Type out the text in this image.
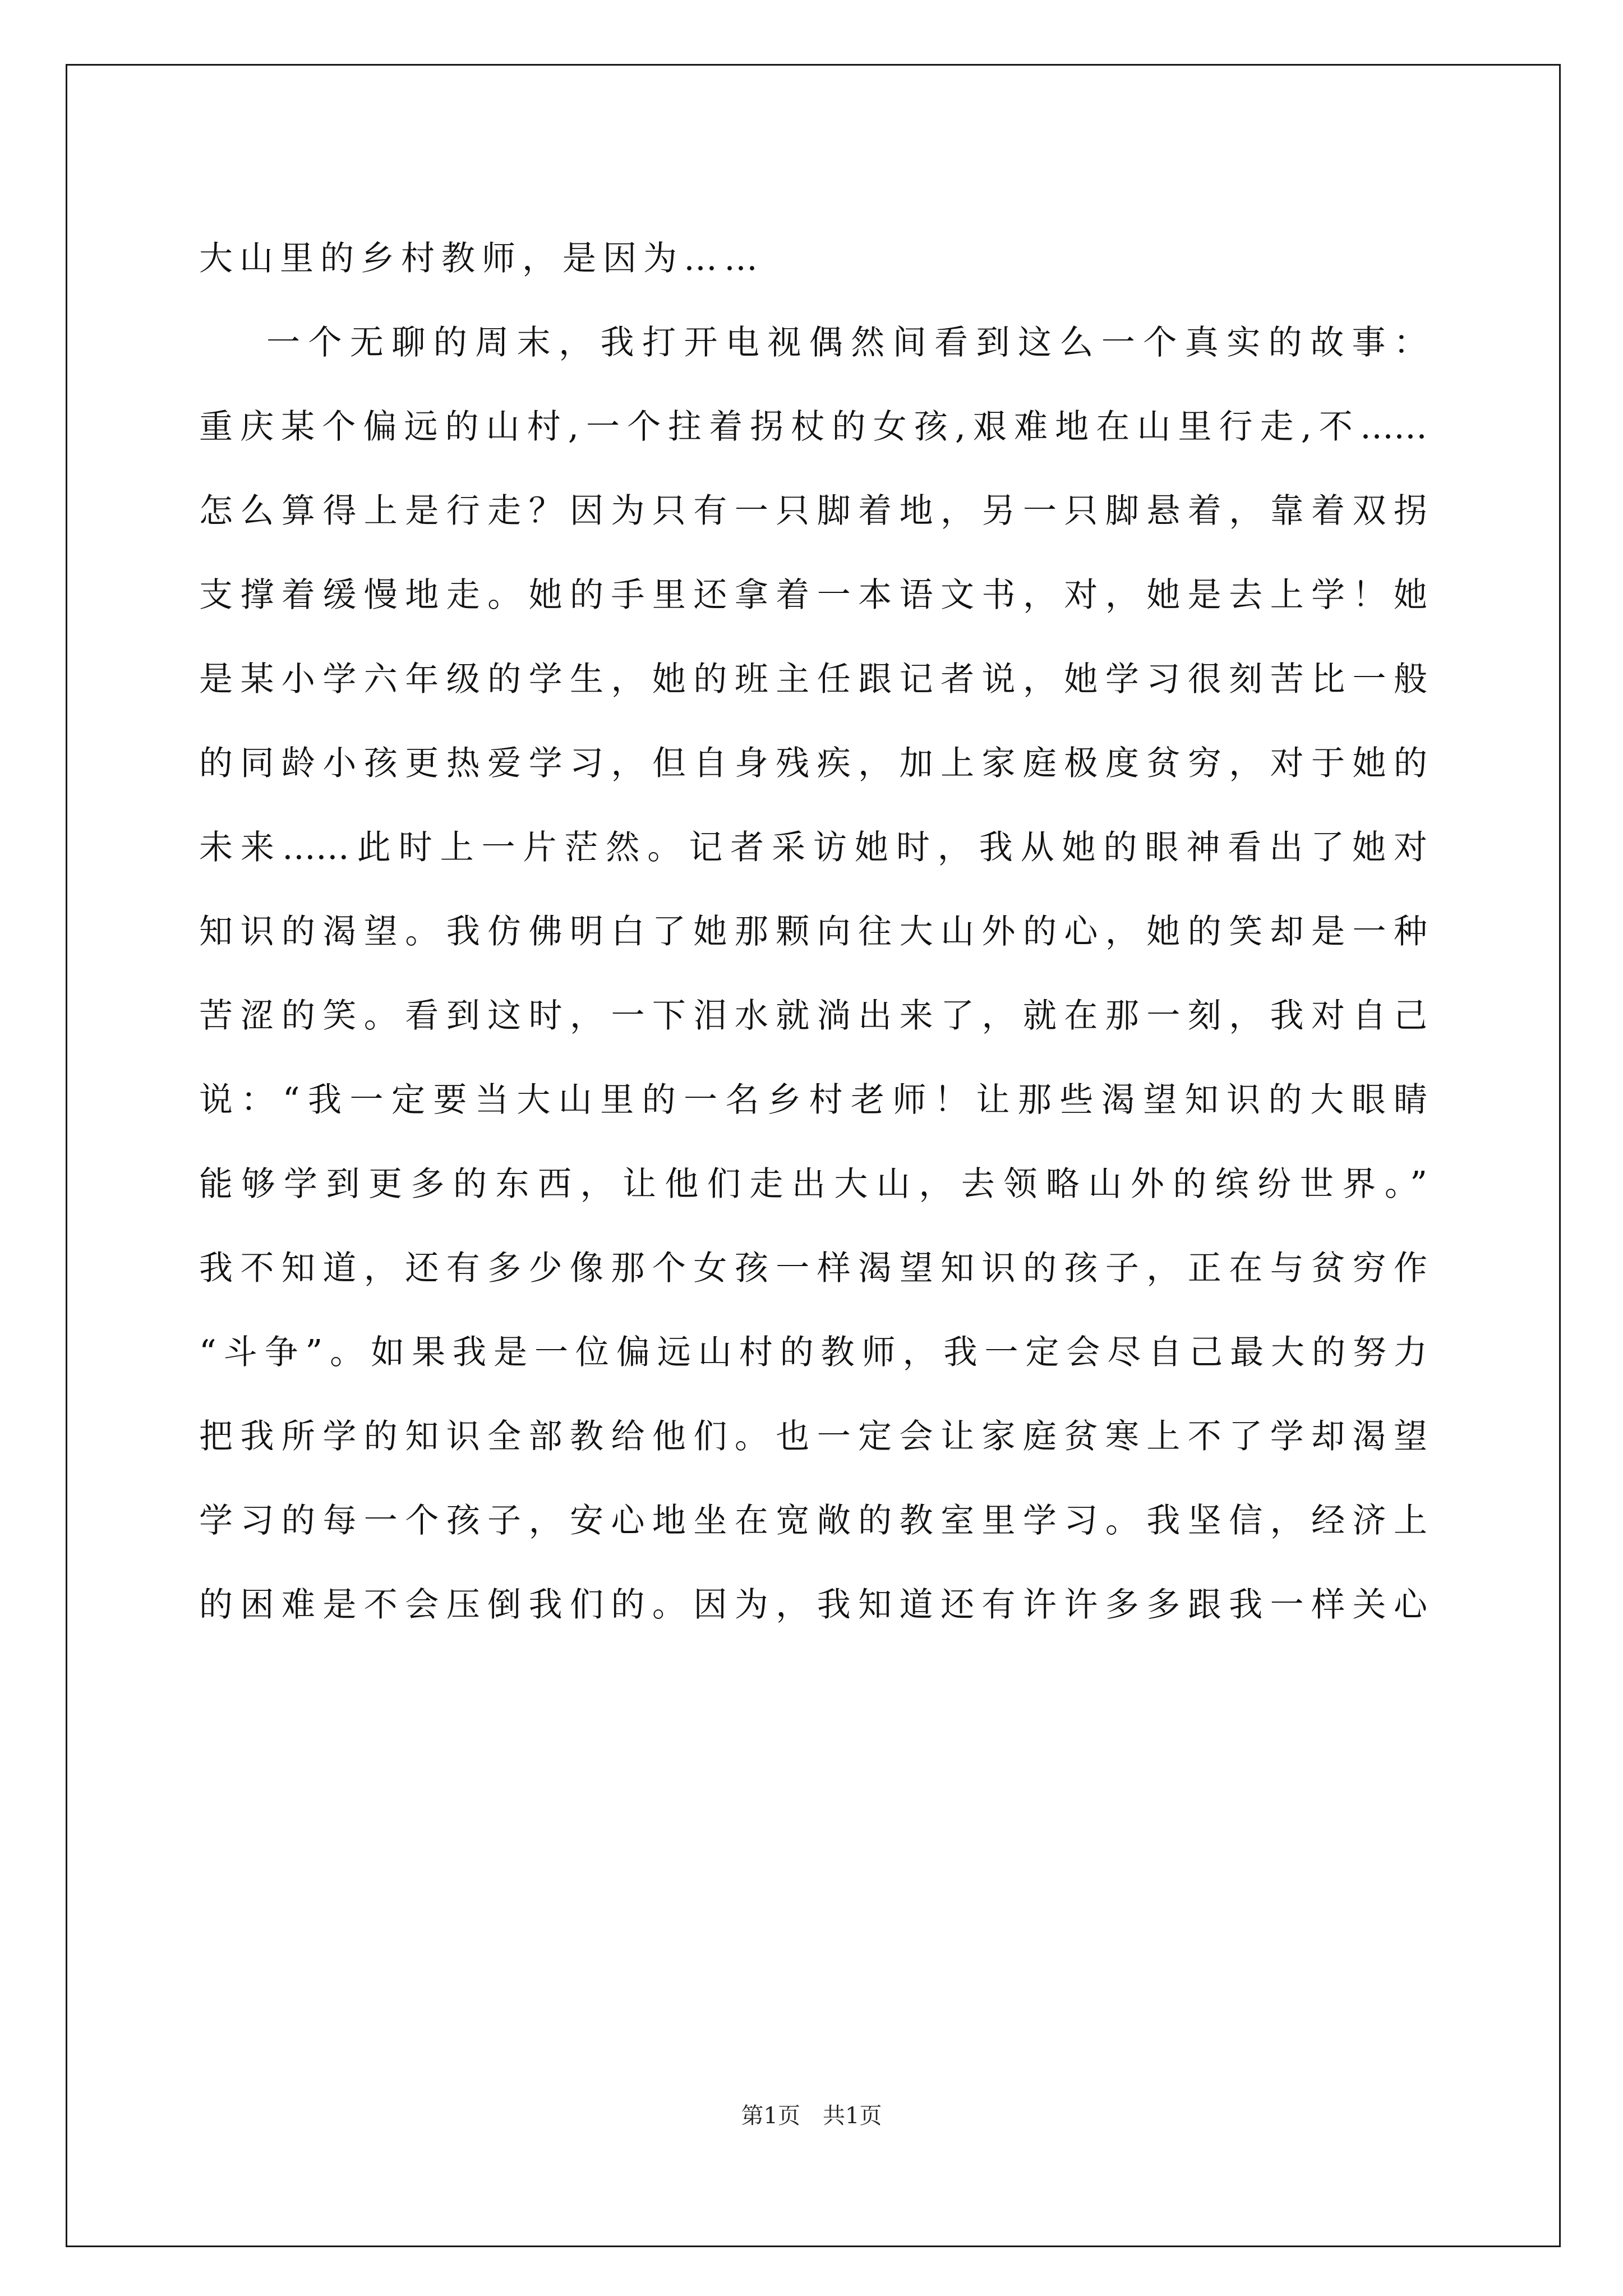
大山里的乡村教师，是因为……
一个无聊的周末，我打开电视偶然间看到这么一个真实的故事：
重庆某个偏远的山村,一个拄着拐杖的女孩,艰难地在山里行走,不……
怎么算得上是行走？因为只有一只脚着地，另一只脚悬着，靠着双拐
支撑着缓慢地走。她的手里还拿着一本语文书，对，她是去上学！她
是某小学六年级的学生，她的班主任跟记者说，她学习很刻苦比一般
的同龄小孩更热爱学习，但自身残疾，加上家庭极度贫穷，对于她的
未来……此时上一片茫然。记者采访她时，我从她的眼神看出了她对
知识的渴望。我仿佛明白了她那颗向往大山外的心，她的笑却是一种
苦涩的笑。看到这时，一下泪水就淌出来了，就在那一刻，我对自己
说：“我一定要当大山里的一名乡村老师！让那些渴望知识的大眼睛
能够学到更多的东西，让他们走出大山，去领略山外的缤纷世界。”
我不知道，还有多少像那个女孩一样渴望知识的孩子，正在与贫穷作
“斗争”。如果我是一位偏远山村的教师，我一定会尽自己最大的努力
把我所学的知识全部教给他们。也一定会让家庭贫寒上不了学却渴望
学习的每一个孩子，安心地坐在宽敞的教室里学习。我坚信，经济上
的困难是不会压倒我们的。因为，我知道还有许许多多跟我一样关心
第1页　共1页
